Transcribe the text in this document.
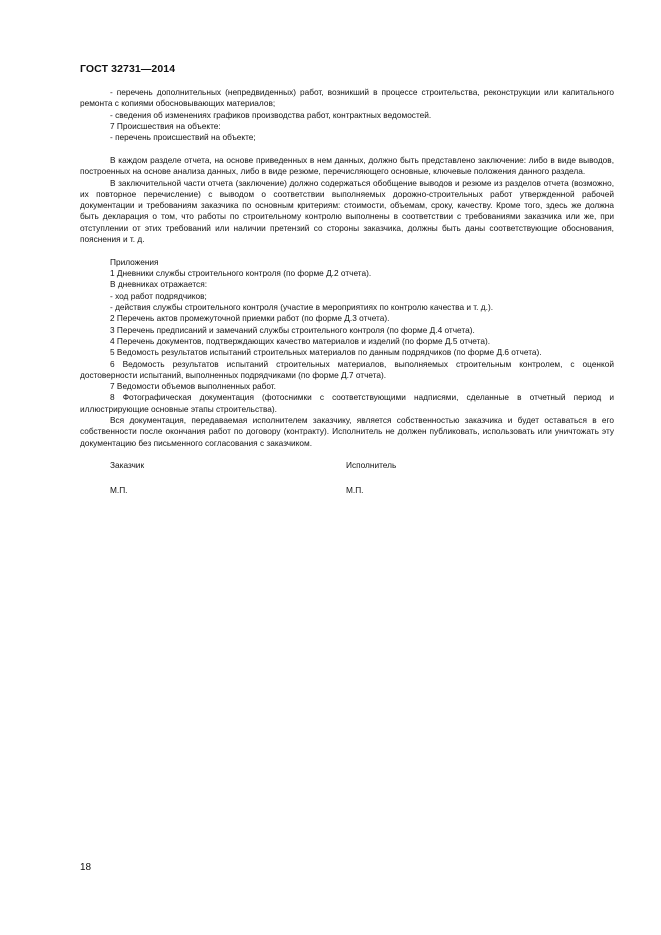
ГОСТ 32731—2014

- перечень дополнительных (непредвиденных) работ, возникший в процессе строительства, реконструкции или капитального ремонта с копиями обосновывающих материалов;

- сведения об изменениях графиков производства работ, контрактных ведомостей.

7 Происшествия на объекте:

- перечень происшествий на объекте;

В каждом разделе отчета, на основе приведенных в нем данных, должно быть представлено заключение: либо в виде выводов, построенных на основе анализа данных, либо в виде резюме, перечисляющего основные, ключевые положения данного раздела.

В заключительной части отчета (заключение) должно содержаться обобщение выводов и резюме из разделов отчета (возможно, их повторное перечисление) с выводом о соответствии выполняемых дорожно-строительных работ утвержденной рабочей документации и требованиям заказчика по основным критериям: стоимости, объемам, сроку, качеству. Кроме того, здесь же должна быть декларация о том, что работы по строительному контролю выполнены в соответствии с требованиями заказчика или же, при отступлении от этих требований или наличии претензий со стороны заказчика, должны быть даны соответствующие обоснования, пояснения и т. д.

Приложения

1 Дневники службы строительного контроля (по форме Д.2 отчета).

В дневниках отражается:

- ход работ подрядчиков;

- действия службы строительного контроля (участие в мероприятиях по контролю качества и т. д.).

2 Перечень актов промежуточной приемки работ (по форме Д.3 отчета).

3 Перечень предписаний и замечаний службы строительного контроля (по форме Д.4 отчета).

4 Перечень документов, подтверждающих качество материалов и изделий (по форме Д.5 отчета).

5 Ведомость результатов испытаний строительных материалов по данным подрядчиков (по форме Д.6 отчета).

6 Ведомость результатов испытаний строительных материалов, выполняемых строительным контролем, с оценкой достоверности испытаний, выполненных подрядчиками (по форме Д.7 отчета).

7 Ведомости объемов выполненных работ.

8 Фотографическая документация (фотоснимки с соответствующими надписями, сделанные в отчетный период и иллюстрирующие основные этапы строительства).

Вся документация, передаваемая исполнителем заказчику, является собственностью заказчика и будет оставаться в его собственности после окончания работ по договору (контракту). Исполнитель не должен публиковать, использовать или уничтожать эту документацию без письменного согласования с заказчиком.

Заказчик	Исполнитель
М.П.	М.П.
18
